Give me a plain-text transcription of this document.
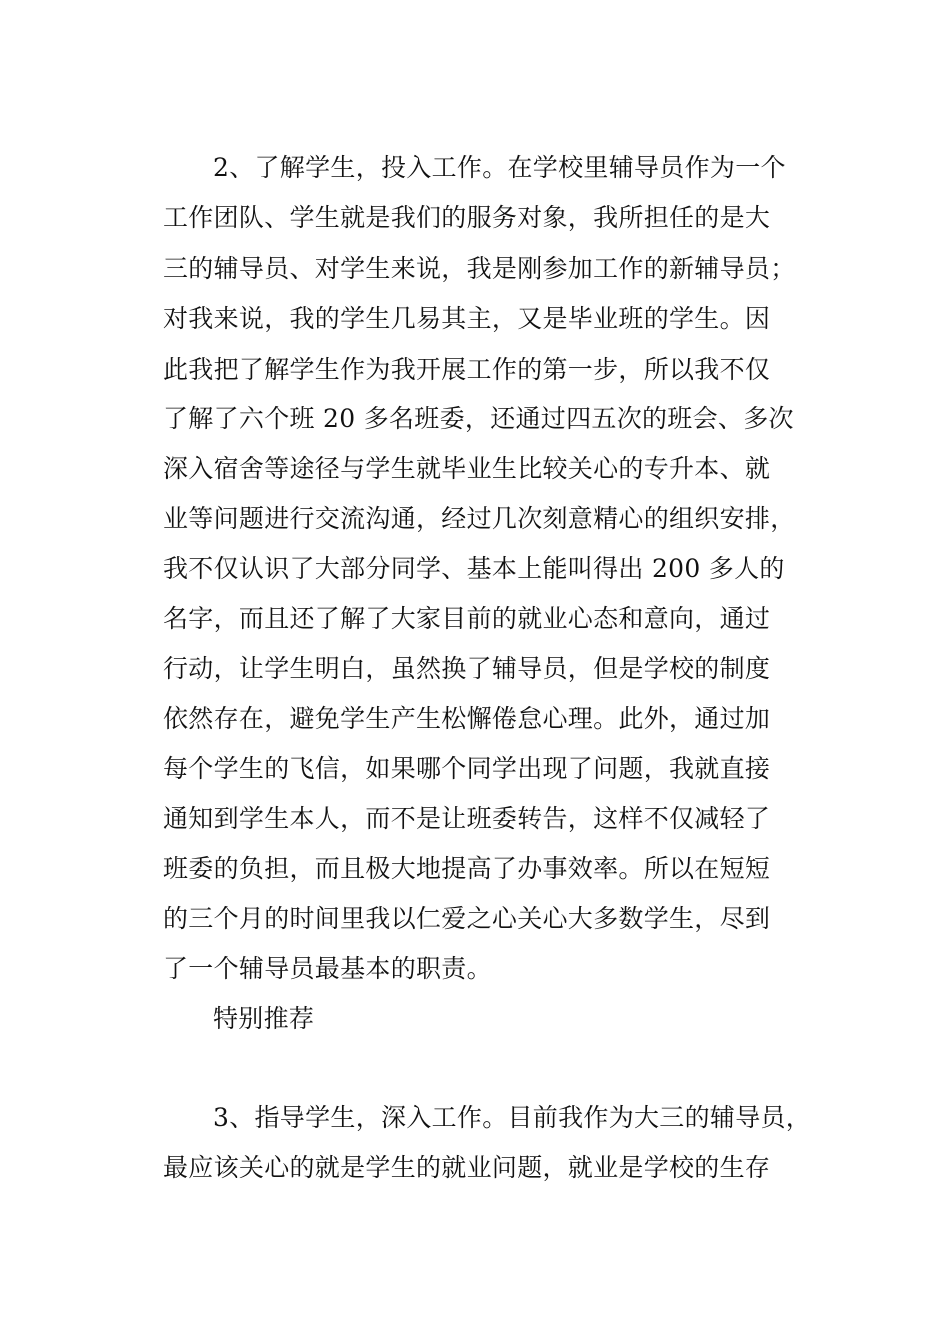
2、了解学生，投入工作。在学校里辅导员作为一个
工作团队、学生就是我们的服务对象，我所担任的是大
三的辅导员、对学生来说，我是刚参加工作的新辅导员；
对我来说，我的学生几易其主，又是毕业班的学生。因
此我把了解学生作为我开展工作的第一步，所以我不仅
了解了六个班 20 多名班委，还通过四五次的班会、多次
深入宿舍等途径与学生就毕业生比较关心的专升本、就
业等问题进行交流沟通，经过几次刻意精心的组织安排，
我不仅认识了大部分同学、基本上能叫得出 200 多人的
名字，而且还了解了大家目前的就业心态和意向，通过
行动，让学生明白，虽然换了辅导员，但是学校的制度
依然存在，避免学生产生松懈倦怠心理。此外，通过加
每个学生的飞信，如果哪个同学出现了问题，我就直接
通知到学生本人，而不是让班委转告，这样不仅减轻了
班委的负担，而且极大地提高了办事效率。所以在短短
的三个月的时间里我以仁爱之心关心大多数学生，尽到
了一个辅导员最基本的职责。
特别推荐
3、指导学生，深入工作。目前我作为大三的辅导员，
最应该关心的就是学生的就业问题，就业是学校的生存
